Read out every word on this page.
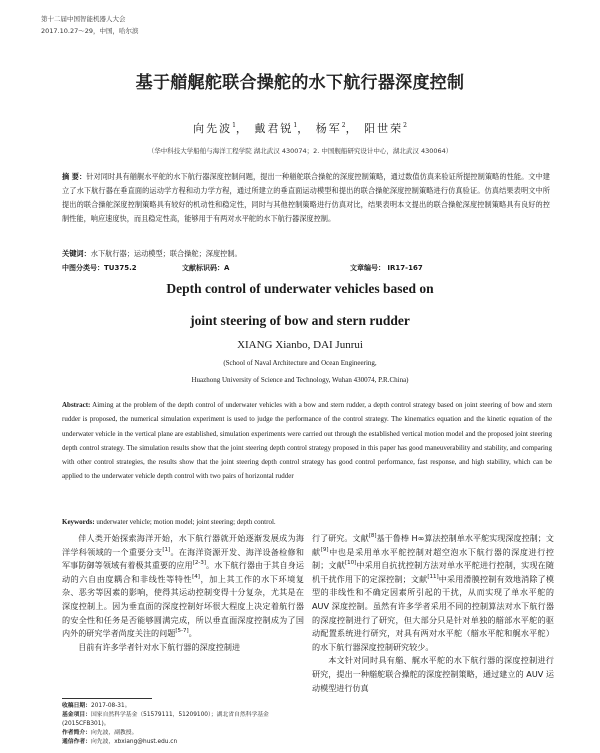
第十二届中国智能机器人大会
2017.10.27～29，中国，哈尔滨
基于艏艉舵联合操舵的水下航行器深度控制
向先波$^1$， 戴君锐$^1$， 杨军$^2$， 阳世荣$^2$
（华中科技大学船舶与海洋工程学院 湖北武汉 430074；2. 中国舰船研究设计中心，湖北武汉 430064）
摘 要：针对同时具有艏艉水平舵的水下航行器深度控制问题，提出一种艏舵联合操舵的深度控制策略，通过数值仿真来验证所提控制策略的性能。文中建立了水下航行器在垂直面的运动学方程和动力学方程，通过所建立的垂直面运动模型和提出的联合操舵深度控制策略进行仿真验证。仿真结果表明文中所提出的联合操舵深度控制策略具有较好的机动性和稳定性，同时与其他控制策略进行仿真对比，结果表明本文提出的联合操舵深度控制策略具有良好的控制性能，响应速度快，而且稳定性高，能够用于有两对水平舵的水下航行器深度控制。
关键词：水下航行器；运动模型；联合操舵；深度控制。
中图分类号：TU375.2	文献标识码：A	文章编号： IR17-167
Depth control of underwater vehicles based on
joint steering of bow and stern rudder
XIANG Xianbo, DAI Junrui
(School of Naval Architecture and Ocean Engineering,
Huazhong University of Science and Technology, Wuhan 430074, P.R.China)
Abstract: Aiming at the problem of the depth control of underwater vehicles with a bow and stern rudder, a depth control strategy based on joint steering of bow and stern rudder is proposed, the numerical simulation experiment is used to judge the performance of the control strategy. The kinematics equation and the kinetic equation of the underwater vehicle in the vertical plane are established, simulation experiments were carried out through the established vertical motion model and the proposed joint steering depth control strategy. The simulation results show that the joint steering depth control strategy proposed in this paper has good maneuverability and stability, and comparing with other control strategies, the results show that the joint steering depth control strategy has good control performance, fast response, and high stability, which can be applied to the underwater vehicle depth control with two pairs of horizontal rudder
Keywords: underwater vehicle; motion model; joint steering; depth control.

伴人类开始探索海洋开始，水下航行器就开始逐渐发展成为海洋学科领域的一个重要分支[1]。在海洋资源开发、海洋设备检修和军事防御等领域有着极其重要的应用[2-3]。水下航行器由于其自身运动的六自由度耦合和非线性等特性[4]，加上其工作的水下环境复杂、恶劣等因素的影响，使得其运动控制变得十分复杂，尤其是在深度控制上。因为垂直面的深度控制好坏很大程度上决定着航行器的安全性和任务是否能够圆满完成，所以垂直面深度控制成为了国内外的研究学者尚度关注的问题[5-7]。

目前有许多学者针对水下航行器的深度控制进

行了研究。文献[8]基于鲁棒 H∞算法控制单水平舵实现深度控制；文献[9]中也是采用单水平舵控制对超空泡水下航行器的深度进行控制；文献[10]中采用自抗扰控制方法对单水平舵进行控制，实现在随机干扰作用下的定深控制；文献[11]中采用滑膜控制有效地消除了模型的非线性和不确定因素所引起的干扰，从而实现了单水平舵的 AUV 深度控制。虽然有许多学者采用不同的控制算法对水下航行器的深度控制进行了研究，但大部分只是针对单独的艏部水平舵的驱动配置系统进行研究，对具有两对水平舵（艏水平舵和艉水平舵）的水下航行器深度控制研究较少。

本文针对同时具有艏、艉水平舵的水下航行器的深度控制进行研究，提出一种艏舵联合操舵的深度控制策略，通过建立的 AUV 运动模型进行仿真

收稿日期：2017-08-31。
基金项目：国家自然科学基金（51579111，51209100）；湖北省自然科学基金(2015CFB301)。
作者简介：向先波，副教授。
通信作者：向先波，xbxiang@hust.edu.cn
